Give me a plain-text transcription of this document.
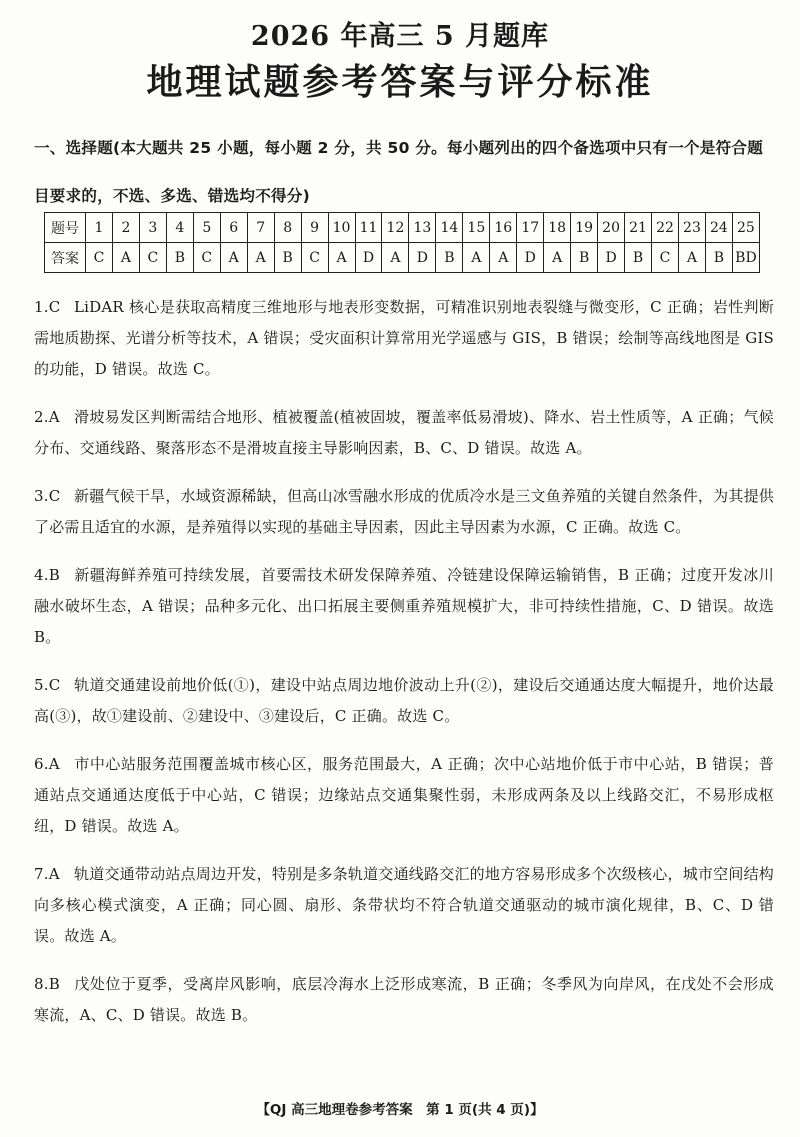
2026 年高三 5 月题库
地理试题参考答案与评分标准
一、选择题(本大题共 25 小题，每小题 2 分，共 50 分。每小题列出的四个备选项中只有一个是符合题目要求的，不选、多选、错选均不得分)
题号	1	2	3	4	5	6	7	8	9	10	11	12	13	14	15	16	17	18	19	20	21	22	23	24	25
答案	C	A	C	B	C	A	A	B	C	A	D	A	D	B	A	A	D	A	B	D	B	C	A	B	BD
1.C LiDAR 核心是获取高精度三维地形与地表形变数据，可精准识别地表裂缝与微变形，C 正确；岩性判断需地质勘探、光谱分析等技术，A 错误；受灾面积计算常用光学遥感与 GIS，B 错误；绘制等高线地图是 GIS 的功能，D 错误。故选 C。
2.A 滑坡易发区判断需结合地形、植被覆盖(植被固坡，覆盖率低易滑坡)、降水、岩土性质等，A 正确；气候分布、交通线路、聚落形态不是滑坡直接主导影响因素，B、C、D 错误。故选 A。
3.C 新疆气候干旱，水域资源稀缺，但高山冰雪融水形成的优质冷水是三文鱼养殖的关键自然条件，为其提供了必需且适宜的水源，是养殖得以实现的基础主导因素，因此主导因素为水源，C 正确。故选 C。
4.B 新疆海鲜养殖可持续发展，首要需技术研发保障养殖、冷链建设保障运输销售，B 正确；过度开发冰川融水破坏生态，A 错误；品种多元化、出口拓展主要侧重养殖规模扩大，非可持续性措施，C、D 错误。故选 B。
5.C 轨道交通建设前地价低(①)，建设中站点周边地价波动上升(②)，建设后交通通达度大幅提升，地价达最高(③)，故①建设前、②建设中、③建设后，C 正确。故选 C。
6.A 市中心站服务范围覆盖城市核心区，服务范围最大，A 正确；次中心站地价低于市中心站，B 错误；普通站点交通通达度低于中心站，C 错误；边缘站点交通集聚性弱，未形成两条及以上线路交汇，不易形成枢纽，D 错误。故选 A。
7.A 轨道交通带动站点周边开发，特别是多条轨道交通线路交汇的地方容易形成多个次级核心，城市空间结构向多核心模式演变，A 正确；同心圆、扇形、条带状均不符合轨道交通驱动的城市演化规律，B、C、D 错误。故选 A。
8.B 戊处位于夏季，受离岸风影响，底层冷海水上泛形成寒流，B 正确；冬季风为向岸风，在戊处不会形成寒流，A、C、D 错误。故选 B。
【QJ 高三地理卷参考答案　第 1 页(共 4 页)】
